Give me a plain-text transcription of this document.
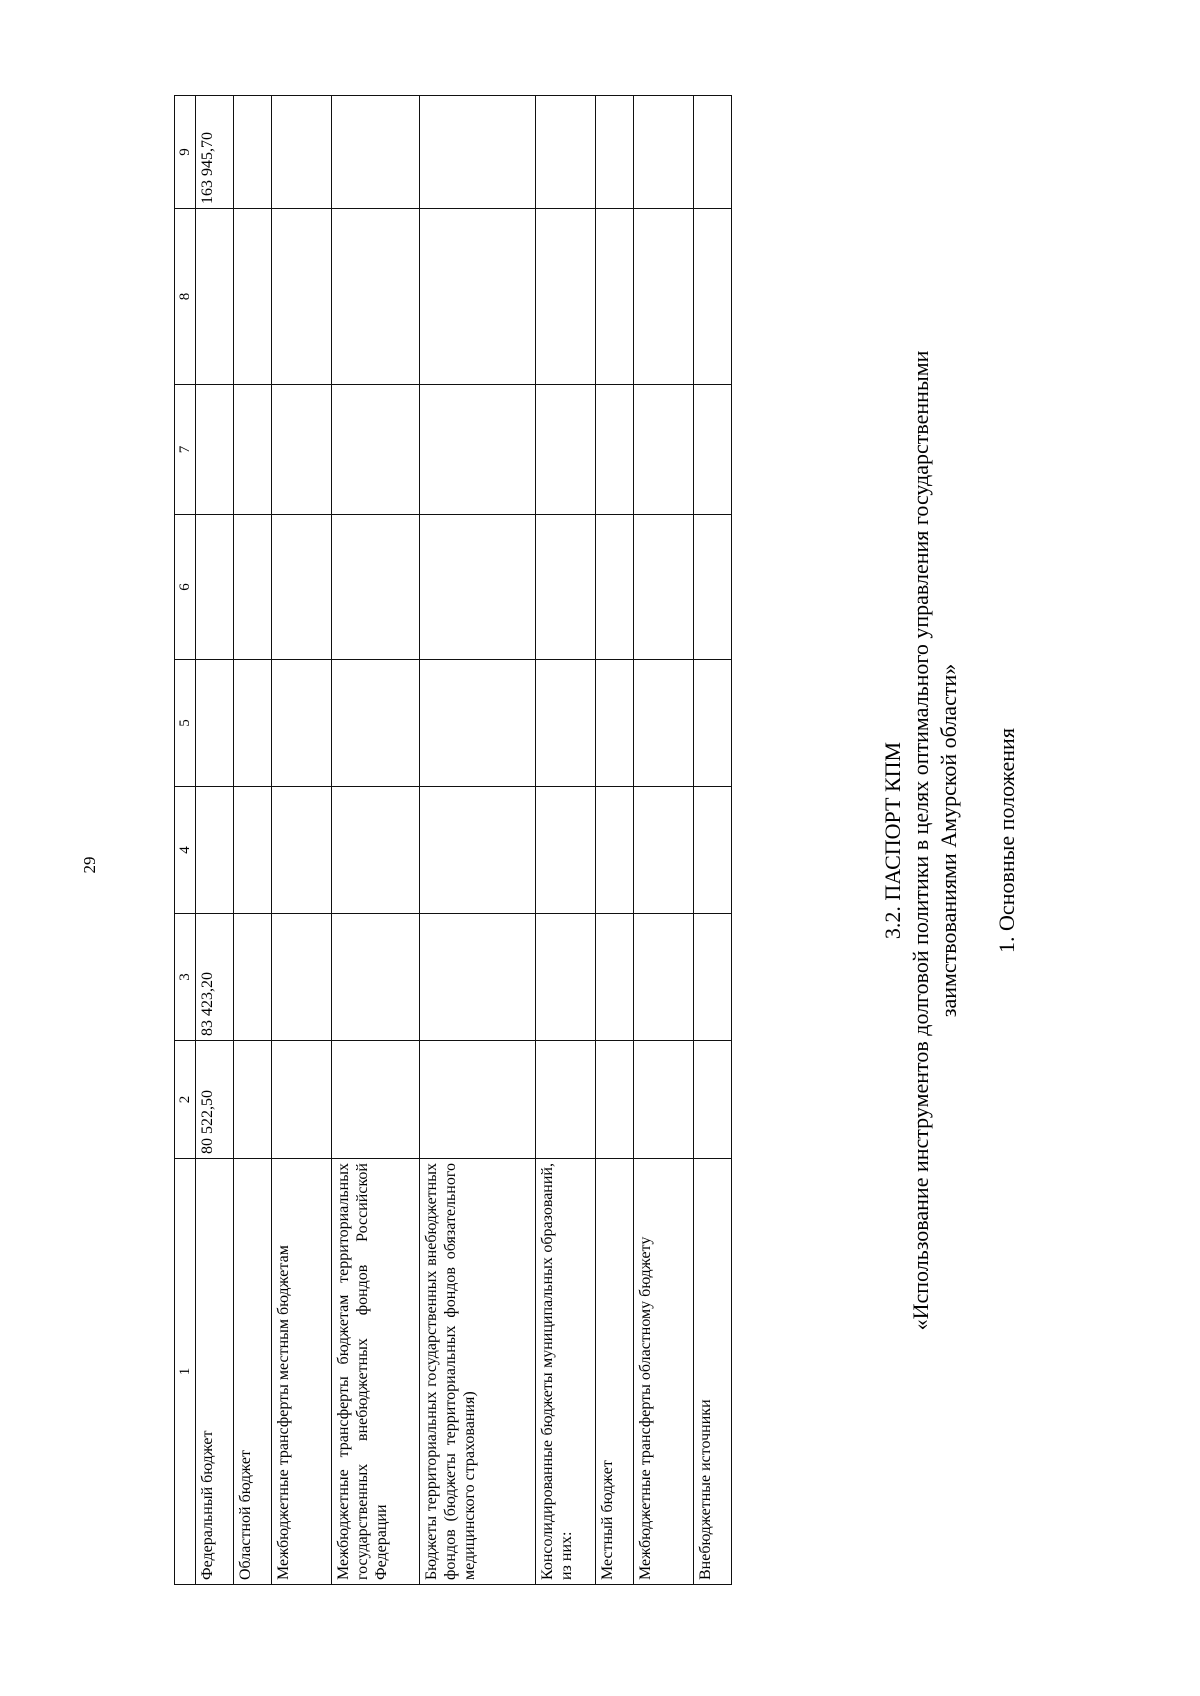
29
1	2	3	4	5	6	7	8	9
Федеральный бюджет	80 522,50	83 423,20						163 945,70
Областной бюджет								
Межбюджетные трансферты местным бюджетам								
Межбюджетные трансферты бюджетам территориальных государственных внебюджетных фондов Российской Федерации								
Бюджеты территориальных государственных внебюджетных фондов (бюджеты территориальных фондов обязательного медицинского страхования)								
Консолидированные бюджеты муниципальных образований, из них:								
Местный бюджет								
Межбюджетные трансферты областному бюджету								
Внебюджетные источники								
3.2. ПАСПОРТ КПМ «Использование инструментов долговой политики в целях оптимального управления государственными заимствованиями Амурской области» 1. Основные положения
